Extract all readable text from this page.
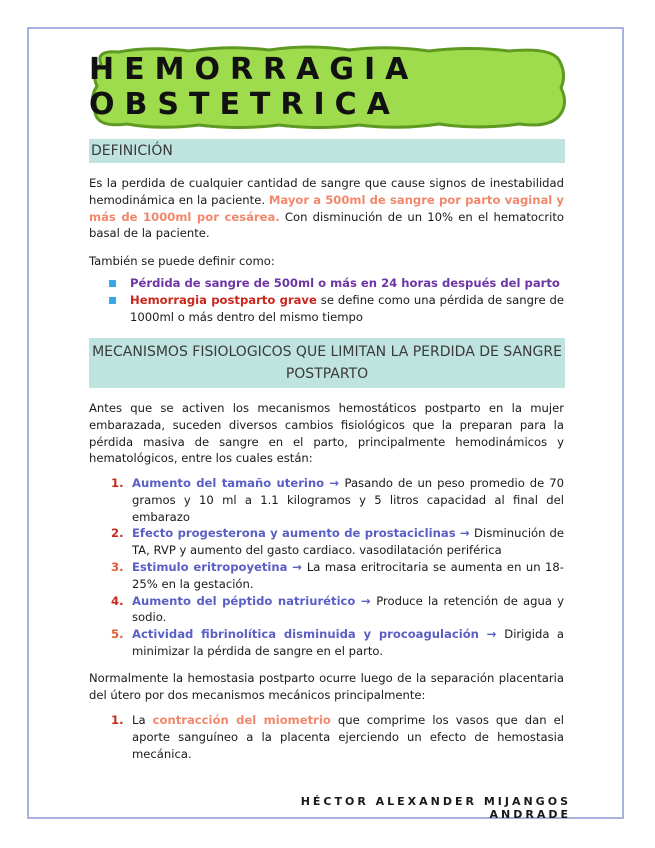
HEMORRAGIA OBSTETRICA
DEFINICIÓN
Es la perdida de cualquier cantidad de sangre que cause signos de inestabilidad hemodinámica en la paciente. Mayor a 500ml de sangre por parto vaginal y más de 1000ml por cesárea. Con disminución de un 10% en el hematocrito basal de la paciente.
También se puede definir como:
Pérdida de sangre de 500ml o más en 24 horas después del parto
Hemorragia postparto grave se define como una pérdida de sangre de 1000ml o más dentro del mismo tiempo
MECANISMOS FISIOLOGICOS QUE LIMITAN LA PERDIDA DE SANGRE
POSTPARTO
Antes que se activen los mecanismos hemostáticos postparto en la mujer embarazada, suceden diversos cambios fisiológicos que la preparan para la pérdida masiva de sangre en el parto, principalmente hemodinámicos y hematológicos, entre los cuales están:
1. Aumento del tamaño uterino → Pasando de un peso promedio de 70 gramos y 10 ml a 1.1 kilogramos y 5 litros capacidad al final del embarazo
2. Efecto progesterona y aumento de prostaciclinas → Disminución de TA, RVP y aumento del gasto cardiaco. vasodilatación periférica
3. Estimulo eritropoyetina → La masa eritrocitaria se aumenta en un 18-25% en la gestación.
4. Aumento del péptido natriurético → Produce la retención de agua y sodio.
5. Actividad fibrinolítica disminuida y procoagulación → Dirigida a minimizar la pérdida de sangre en el parto.
Normalmente la hemostasia postparto ocurre luego de la separación placentaria del útero por dos mecanismos mecánicos principalmente:
1. La contracción del miometrio que comprime los vasos que dan el aporte sanguíneo a la placenta ejerciendo un efecto de hemostasia mecánica.
HÉCTOR ALEXANDER MIJANGOS ANDRADE
